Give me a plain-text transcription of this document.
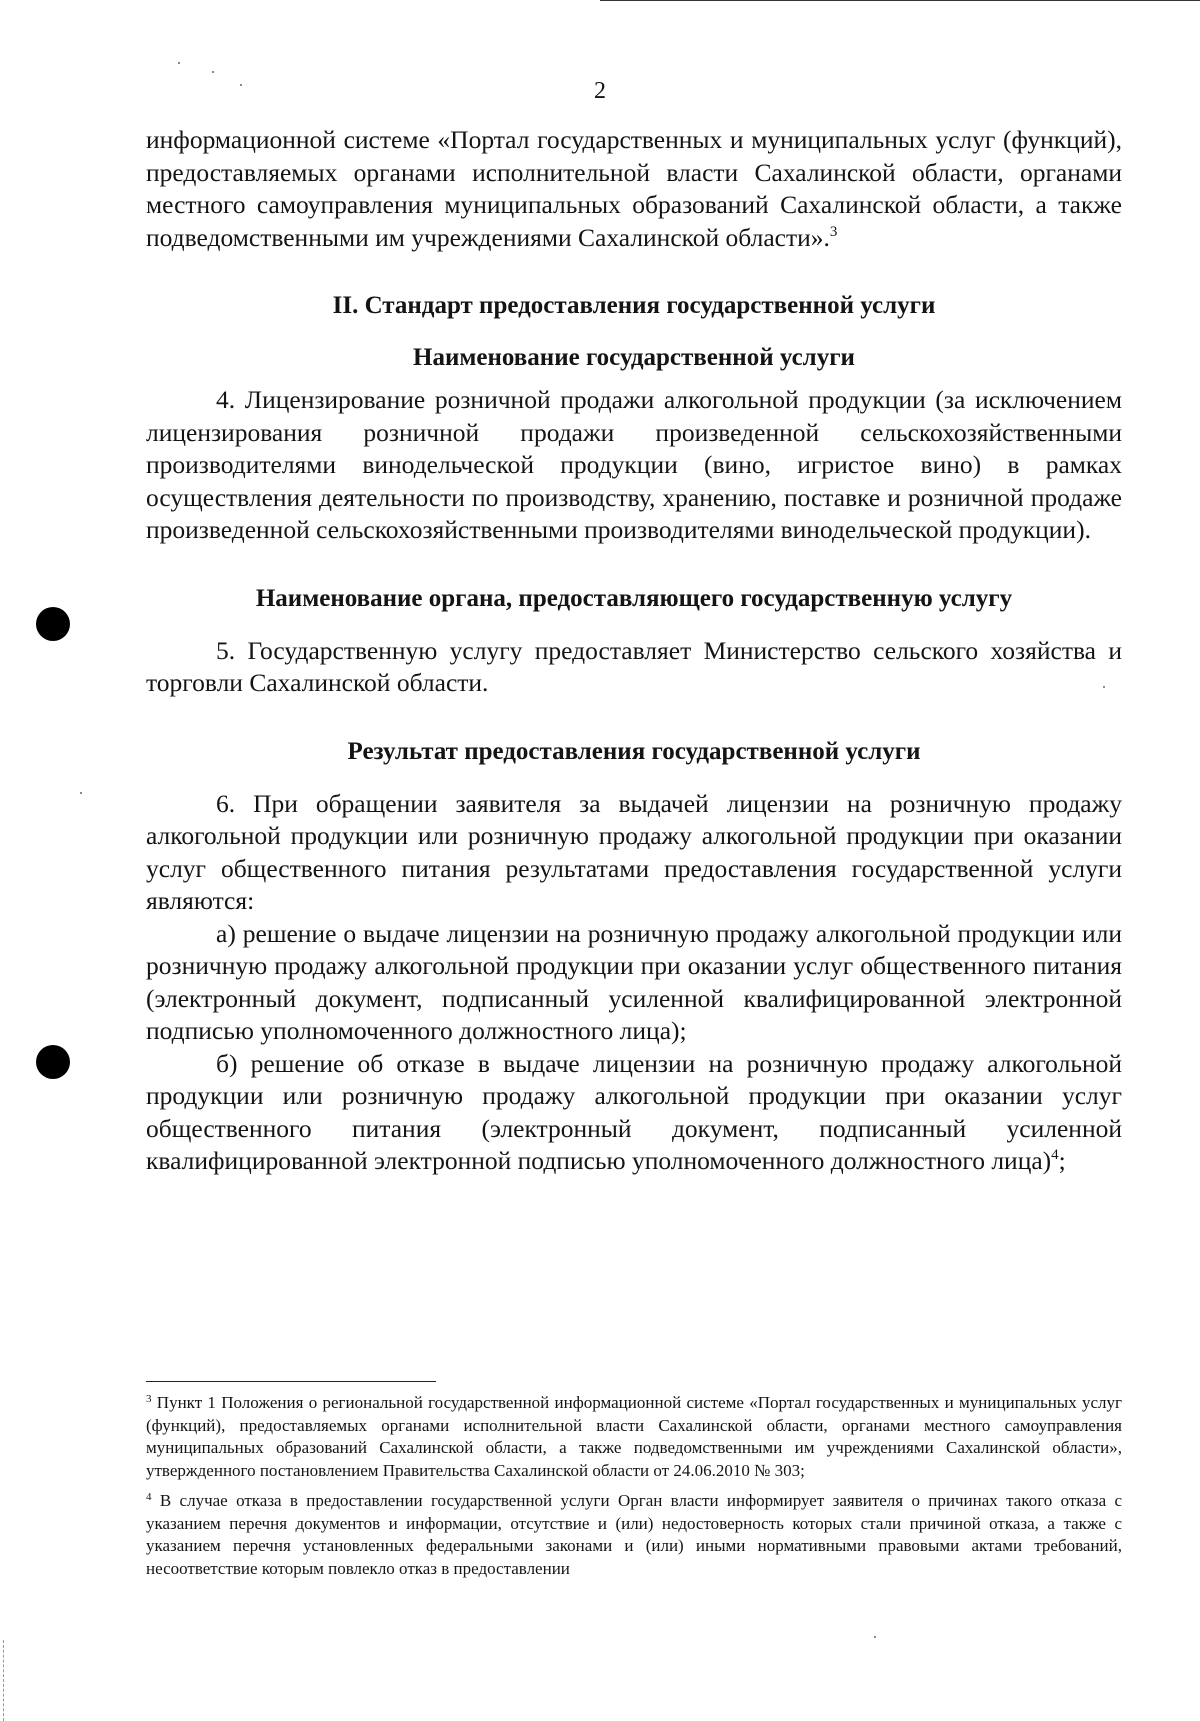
2

информационной системе «Портал государственных и муниципальных услуг (функций), предоставляемых органами исполнительной власти Сахалинской области, органами местного самоуправления муниципальных образований Сахалинской области, а также подведомственными им учреждениями Сахалинской области».$^3$

II. Стандарт предоставления государственной услуги
Наименование государственной услуги

4. Лицензирование розничной продажи алкогольной продукции (за исключением лицензирования розничной продажи произведенной сельскохозяйственными производителями винодельческой продукции (вино, игристое вино) в рамках осуществления деятельности по производству, хранению, поставке и розничной продаже произведенной сельскохозяйственными производителями винодельческой продукции).

Наименование органа, предоставляющего государственную услугу

5. Государственную услугу предоставляет Министерство сельского хозяйства и торговли Сахалинской области.

Результат предоставления государственной услуги

6. При обращении заявителя за выдачей лицензии на розничную продажу алкогольной продукции или розничную продажу алкогольной продукции при оказании услуг общественного питания результатами предоставления государственной услуги являются:

а) решение о выдаче лицензии на розничную продажу алкогольной продукции или розничную продажу алкогольной продукции при оказании услуг общественного питания (электронный документ, подписанный усиленной квалифицированной электронной подписью уполномоченного должностного лица);

б) решение об отказе в выдаче лицензии на розничную продажу алкогольной продукции или розничную продажу алкогольной продукции при оказании услуг общественного питания (электронный документ, подписанный усиленной квалифицированной электронной подписью уполномоченного должностного лица)$^4$;

$^3$ Пункт 1 Положения о региональной государственной информационной системе «Портал государственных и муниципальных услуг (функций), предоставляемых органами исполнительной власти Сахалинской области, органами местного самоуправления муниципальных образований Сахалинской области, а также подведомственными им учреждениями Сахалинской области», утвержденного постановлением Правительства Сахалинской области от 24.06.2010 № 303;

$^4$ В случае отказа в предоставлении государственной услуги Орган власти информирует заявителя о причинах такого отказа с указанием перечня документов и информации, отсутствие и (или) недостоверность которых стали причиной отказа, а также с указанием перечня установленных федеральными законами и (или) иными нормативными правовыми актами требований, несоответствие которым повлекло отказ в предоставлении
